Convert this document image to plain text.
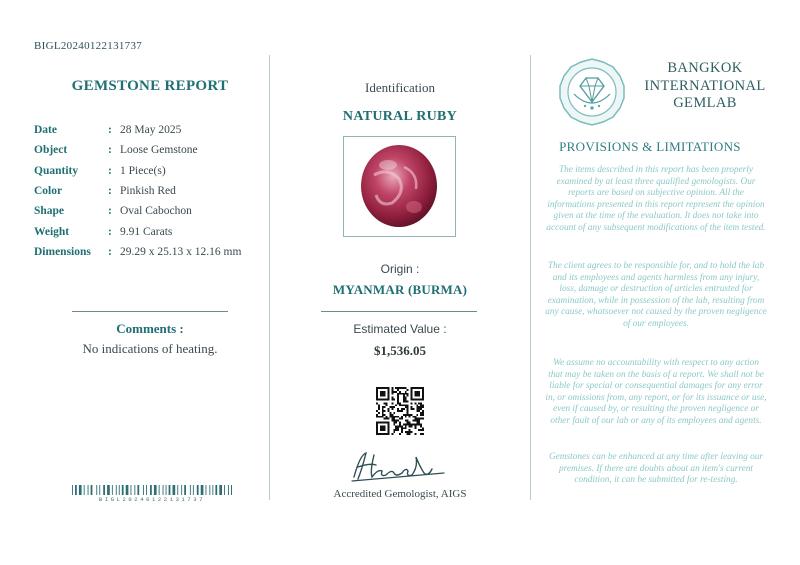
BIGL20240122131737
GEMSTONE REPORT
Date	: 28 May 2025
Object	: Loose Gemstone
Quantity	: 1 Piece(s)
Color	: Pinkish Red
Shape	: Oval Cabochon
Weight	: 9.91 Carats
Dimensions	: 29.29 x 25.13 x 12.16 mm
Comments :
No indications of heating.
BIGL20240122131737
Identification
NATURAL RUBY
Origin :
MYANMAR (BURMA)
Estimated Value :
$1,536.05
Accredited Gemologist, AIGS
BANGKOK
INTERNATIONAL
GEMLAB
PROVISIONS & LIMITATIONS
The items described in this report has been properly examined by at least three qualified gemologists. Our reports are based on subjective opinion. All the informations presented in this report represent the opinion given at the time of the evaluation. It does not take into account of any subsequent modifications of the item tested.
The client agrees to be responsible for, and to hold the lab and its employees and agents harmless from any injury, loss, damage or destruction of articles entrusted for examination, while in possession of the lab, resulting from any cause, whatsoever not caused by the proven negligence of our employees.
We assume no accountability with respect to any action that may be taken on the basis of a report. We shall not be liable for special or consequential damages for any error in, or omissions from, any report, or for its issuance or use, even if caused by, or resulting the proven negligence or other fault of our lab or any of its employees and agents.
Gemstones can be enhanced at any time after leaving our premises. If there are doubts about an item's current condition, it can be submitted for re-testing.
